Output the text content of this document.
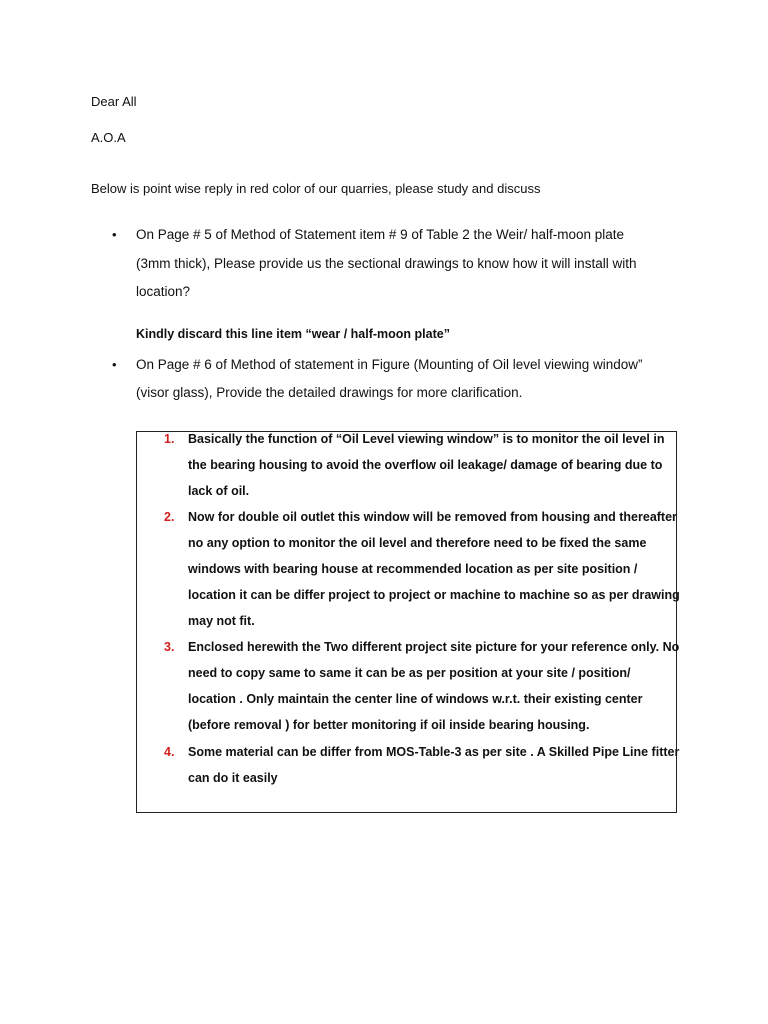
Dear All
A.O.A
Below is point wise reply in red color of our quarries, please study and discuss
• On Page # 5 of Method of Statement item # 9 of Table 2 the Weir/ half-moon plate
(3mm thick), Please provide us the sectional drawings to know how it will install with
location?
Kindly discard this line item “wear / half-moon plate”
• On Page # 6 of Method of statement in Figure (Mounting of Oil level viewing window”
(visor glass), Provide the detailed drawings for more clarification.
1. Basically the function of “Oil Level viewing window” is to monitor the oil level in
the bearing housing to avoid the overflow oil leakage/ damage of bearing due to
lack of oil.
2. Now for double oil outlet this window will be removed from housing and thereafter
no any option to monitor the oil level and therefore need to be fixed the same
windows with bearing house at recommended location as per site position /
location it can be differ project to project or machine to machine so as per drawing
may not fit.
3. Enclosed herewith the Two different project site picture for your reference only. No
need to copy same to same it can be as per position at your site / position/
location . Only maintain the center line of windows w.r.t. their existing center
(before removal ) for better monitoring if oil inside bearing housing.
4. Some material can be differ from MOS-Table-3 as per site . A Skilled Pipe Line fitter
can do it easily
